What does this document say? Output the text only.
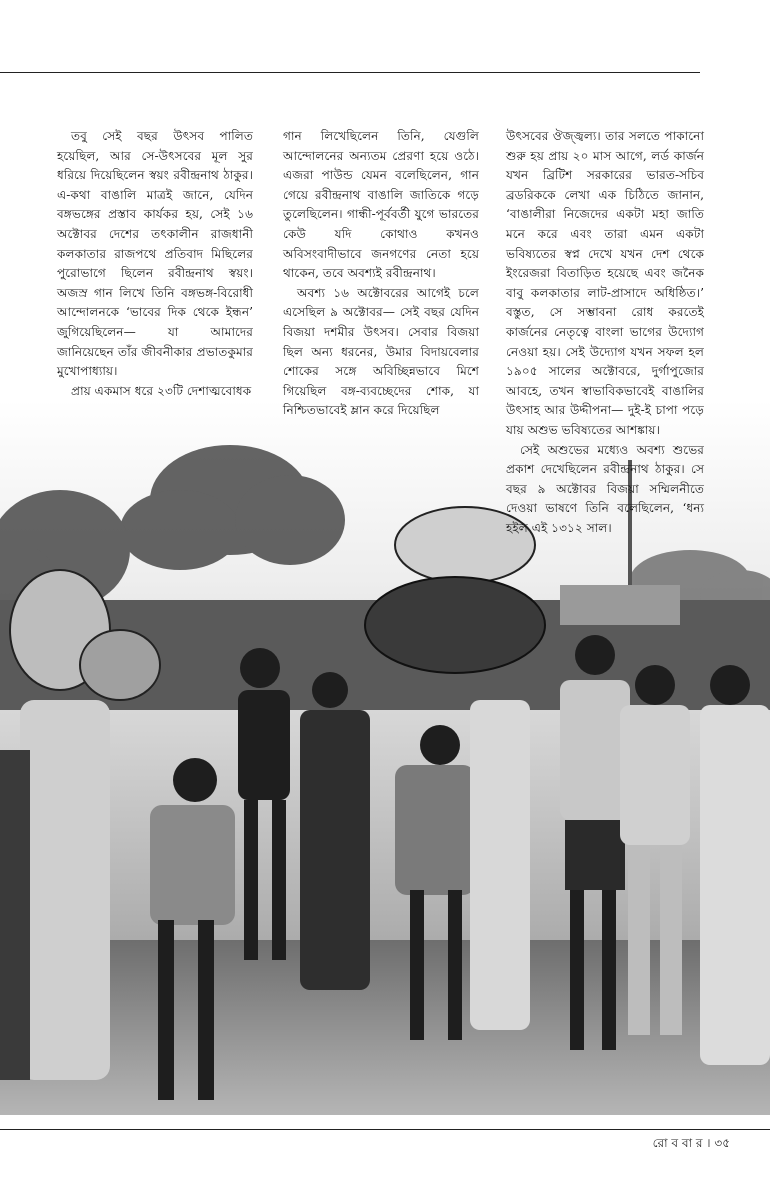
তবু সেই বছর উৎসব পালিত হয়েছিল, আর সে-উৎসবের মূল সুর ধরিয়ে দিয়েছিলেন স্বয়ং রবীন্দ্রনাথ ঠাকুর। এ-কথা বাঙালি মাত্রই জানে, যেদিন বঙ্গভঙ্গের প্রস্তাব কার্যকর হয়, সেই ১৬ অক্টোবর দেশের তৎকালীন রাজধানী কলকাতার রাজপথে প্রতিবাদ মিছিলের পুরোভাগে ছিলেন রবীন্দ্রনাথ স্বয়ং। অজস্র গান লিখে তিনি বঙ্গভঙ্গ-বিরোধী আন্দোলনকে ‘ভাবের দিক থেকে ইন্ধন’ জুগিয়েছিলেন— যা আমাদের জানিয়েছেন তাঁর জীবনীকার প্রভাতকুমার মুখোপাধ্যায়।

প্রায় একমাস ধরে ২৩টি দেশাত্মবোধক

গান লিখেছিলেন তিনি, যেগুলি আন্দোলনের অন্যতম প্রেরণা হয়ে ওঠে। এজরা পাউন্ড যেমন বলেছিলেন, গান গেয়ে রবীন্দ্রনাথ বাঙালি জাতিকে গড়ে তুলেছিলেন। গান্ধী-পূর্ববর্তী যুগে ভারতের কেউ যদি কোথাও কখনও অবিসংবাদীভাবে জনগণের নেতা হয়ে থাকেন, তবে অবশ্যই রবীন্দ্রনাথ।

অবশ্য ১৬ অক্টোবরের আগেই চলে এসেছিল ৯ অক্টোবর— সেই বছর যেদিন বিজয়া দশমীর উৎসব। সেবার বিজয়া ছিল অন্য ধরনের, উমার বিদায়বেলার শোকের সঙ্গে অবিচ্ছিন্নভাবে মিশে গিয়েছিল বঙ্গ-ব্যবচ্ছেদের শোক, যা নিশ্চিতভাবেই ম্লান করে দিয়েছিল

উৎসবের ঔজ্জ্বল্য। তার সলতে পাকানো শুরু হয় প্রায় ২০ মাস আগে, লর্ড কার্জন যখন ব্রিটিশ সরকারের ভারত-সচিব ব্রডরিককে লেখা এক চিঠিতে জানান, ‘বাঙালীরা নিজেদের একটা মহা জাতি মনে করে এবং তারা এমন একটা ভবিষ্যতের স্বপ্ন দেখে যখন দেশ থেকে ইংরেজরা বিতাড়িত হয়েছে এবং জনৈক বাবু কলকাতার লাট-প্রাসাদে অধিষ্ঠিত।’ বস্তুত, সে সম্ভাবনা রোধ করতেই কার্জনের নেতৃত্বে বাংলা ভাগের উদ্যোগ নেওয়া হয়। সেই উদ্যোগ যখন সফল হল ১৯০৫ সালের অক্টোবরে, দুর্গাপুজোর আবহে, তখন স্বাভাবিকভাবেই বাঙালির উৎসাহ আর উদ্দীপনা— দুই-ই চাপা পড়ে যায় অশুভ ভবিষ্যতের আশঙ্কায়।

সেই অশুভের মধ্যেও অবশ্য শুভের প্রকাশ দেখেছিলেন রবীন্দ্রনাথ ঠাকুর। সে বছর ৯ অক্টোবর বিজয়া সম্মিলনীতে দেওয়া ভাষণে তিনি বলেছিলেন, ‘ধন্য হইল এই ১৩১২ সাল।

রো ব বা র । ৩৫
